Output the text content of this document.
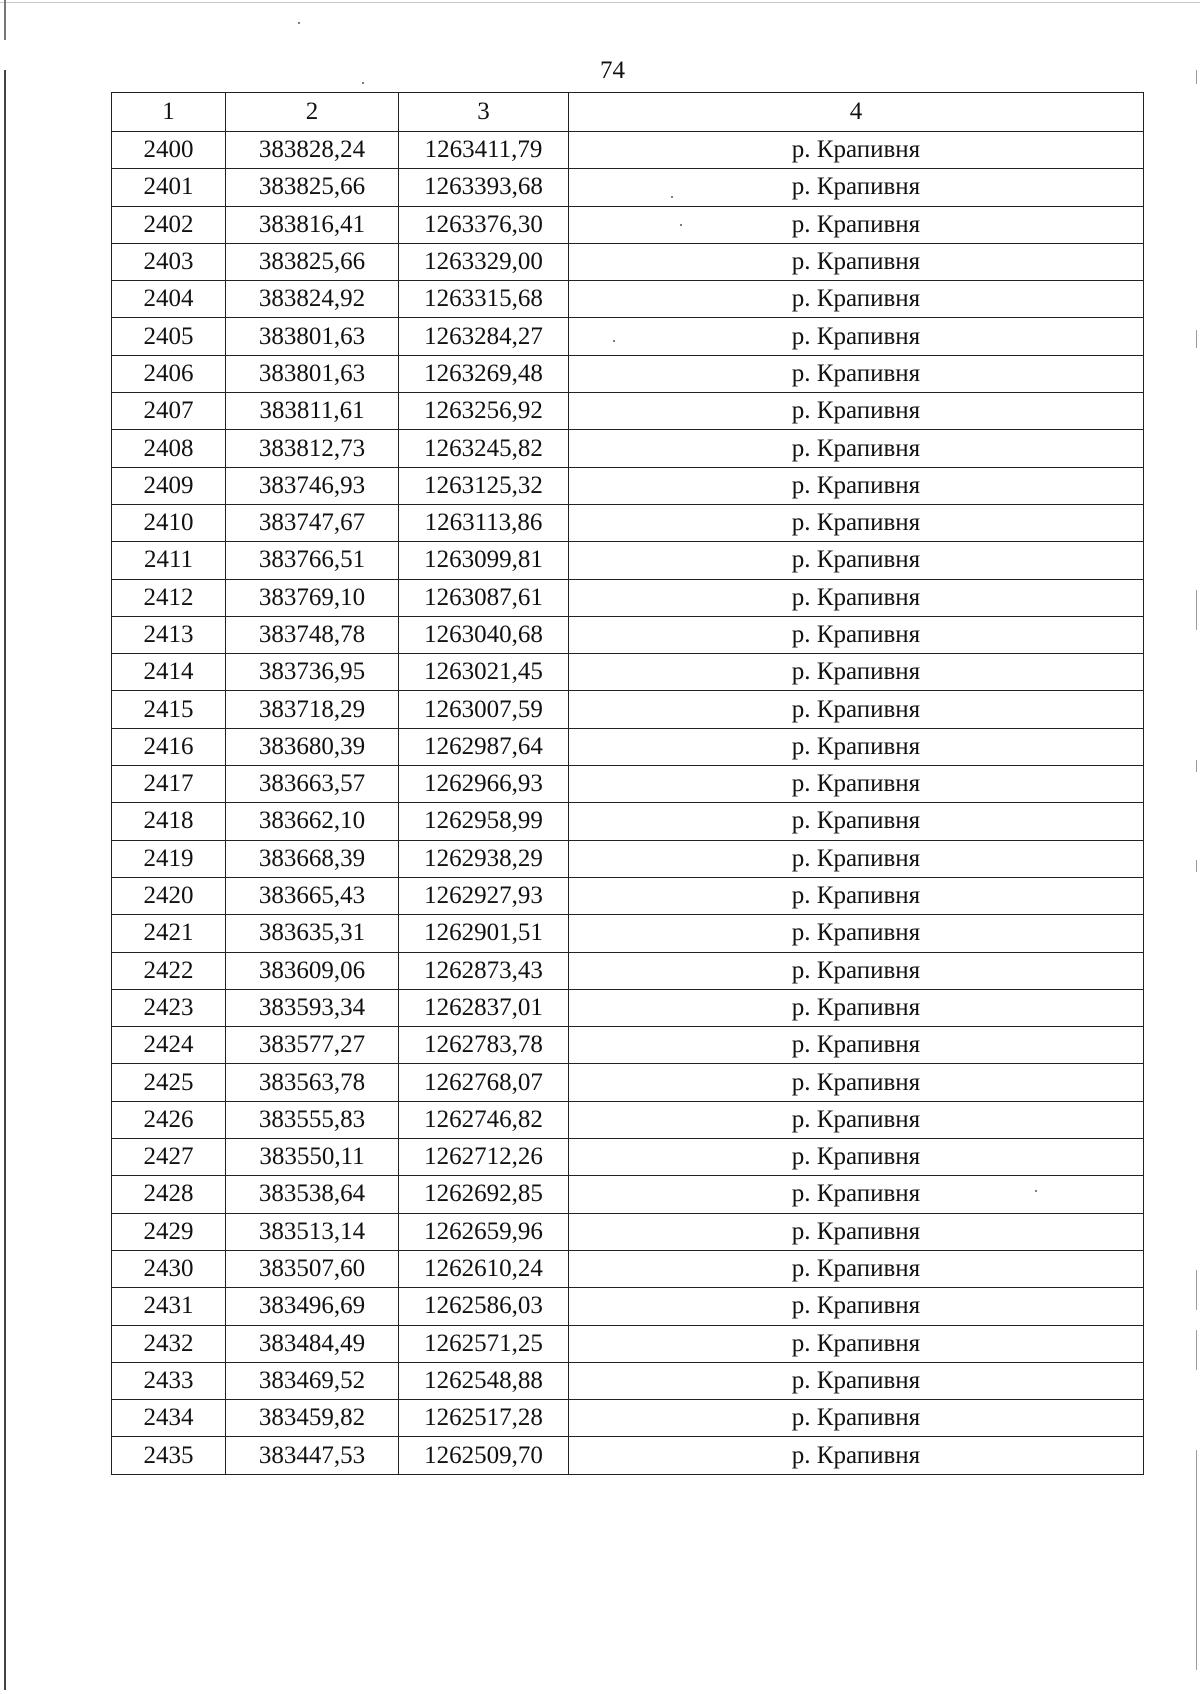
74
1	2	3	4
2400	383828,24	1263411,79	р. Крапивня
2401	383825,66	1263393,68	р. Крапивня
2402	383816,41	1263376,30	р. Крапивня
2403	383825,66	1263329,00	р. Крапивня
2404	383824,92	1263315,68	р. Крапивня
2405	383801,63	1263284,27	р. Крапивня
2406	383801,63	1263269,48	р. Крапивня
2407	383811,61	1263256,92	р. Крапивня
2408	383812,73	1263245,82	р. Крапивня
2409	383746,93	1263125,32	р. Крапивня
2410	383747,67	1263113,86	р. Крапивня
2411	383766,51	1263099,81	р. Крапивня
2412	383769,10	1263087,61	р. Крапивня
2413	383748,78	1263040,68	р. Крапивня
2414	383736,95	1263021,45	р. Крапивня
2415	383718,29	1263007,59	р. Крапивня
2416	383680,39	1262987,64	р. Крапивня
2417	383663,57	1262966,93	р. Крапивня
2418	383662,10	1262958,99	р. Крапивня
2419	383668,39	1262938,29	р. Крапивня
2420	383665,43	1262927,93	р. Крапивня
2421	383635,31	1262901,51	р. Крапивня
2422	383609,06	1262873,43	р. Крапивня
2423	383593,34	1262837,01	р. Крапивня
2424	383577,27	1262783,78	р. Крапивня
2425	383563,78	1262768,07	р. Крапивня
2426	383555,83	1262746,82	р. Крапивня
2427	383550,11	1262712,26	р. Крапивня
2428	383538,64	1262692,85	р. Крапивня
2429	383513,14	1262659,96	р. Крапивня
2430	383507,60	1262610,24	р. Крапивня
2431	383496,69	1262586,03	р. Крапивня
2432	383484,49	1262571,25	р. Крапивня
2433	383469,52	1262548,88	р. Крапивня
2434	383459,82	1262517,28	р. Крапивня
2435	383447,53	1262509,70	р. Крапивня
